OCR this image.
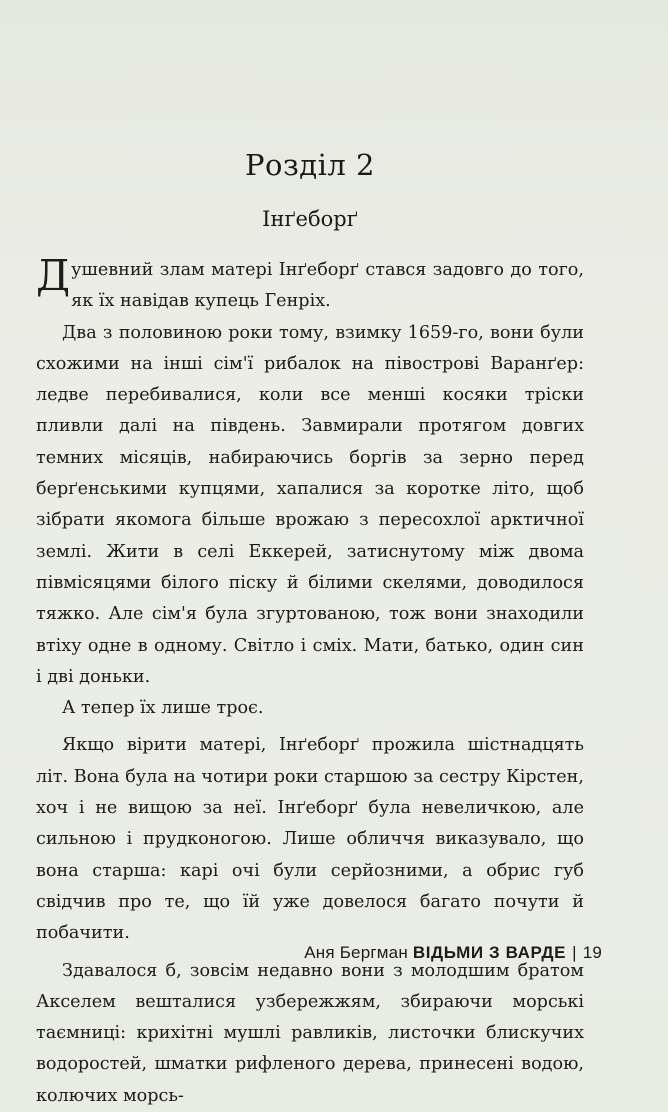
Розділ 2
Інґеборґ

Душевний злам матері Інґеборґ стався задовго до того, як їх навідав купець Генріх.

Два з половиною роки тому, взимку 1659-го, вони були схожими на інші сім'ї рибалок на півострові Варанґер: ледве перебивалися, коли все менші косяки тріски пливли далі на південь. Завмирали протягом довгих темних місяців, набираючись боргів за зерно перед берґенськими купцями, хапалися за коротке літо, щоб зібрати якомога більше врожаю з пересохлої арктичної землі. Жити в селі Еккерей, затиснутому між двома півмісяцями білого піску й білими скелями, доводилося тяжко. Але сім'я була згуртованою, тож вони знаходили втіху одне в одному. Світло і сміх. Мати, батько, один син і дві доньки.

А тепер їх лише троє.

Якщо вірити матері, Інґеборґ прожила шістнадцять літ. Вона була на чотири роки старшою за сестру Кірстен, хоч і не вищою за неї. Інґеборґ була невеличкою, але сильною і прудконогою. Лише обличчя виказувало, що вона старша: карі очі були серйозними, а обрис губ свідчив про те, що їй уже довелося багато почути й побачити.

Здавалося б, зовсім недавно вони з молодшим братом Акселем вешталися узбережжям, збираючи морські таємниці: крихітні мушлі равликів, листочки блискучих водоростей, шматки рифленого дерева, принесені водою, колючих морсь-

Аня Бергман ВІДЬМИ З ВАРДЕ | 19
